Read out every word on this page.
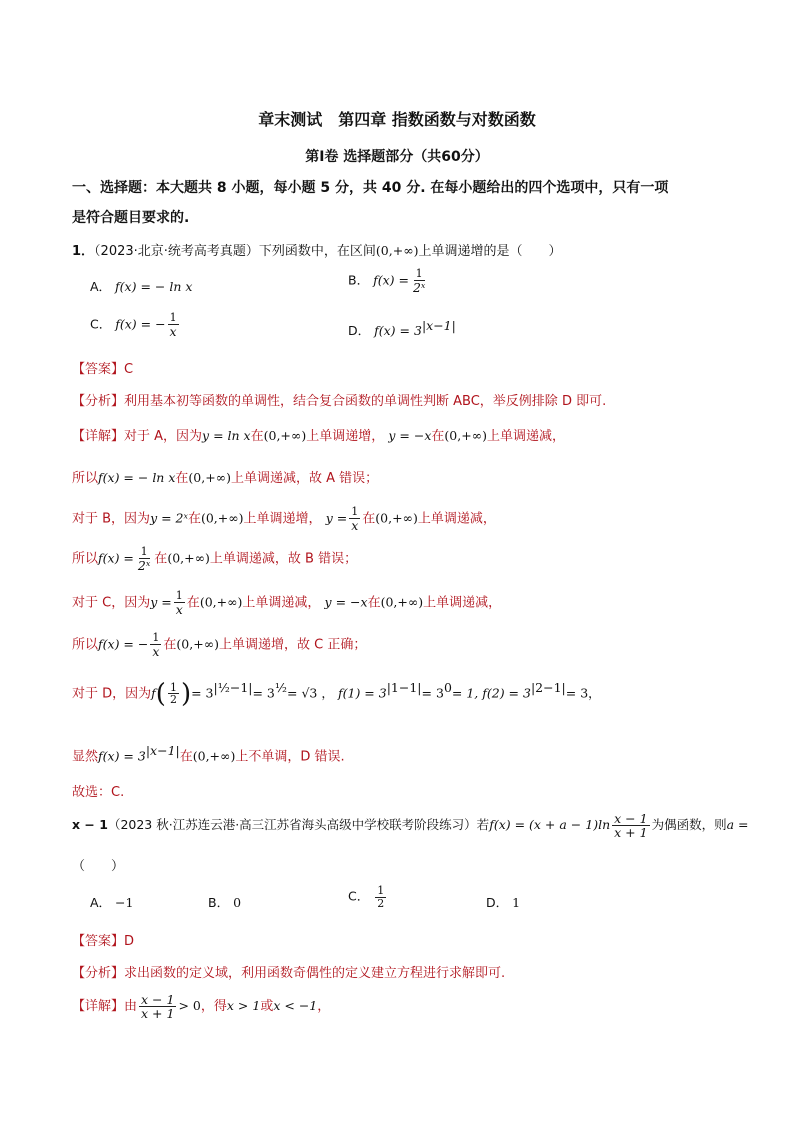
章末测试　第四章 指数函数与对数函数
第Ⅰ卷 选择题部分（共60分）
一、选择题：本大题共 8 小题，每小题 5 分，共 40 分. 在每小题给出的四个选项中，只有一项
是符合题目要求的.
1．（2023·北京·统考高考真题）下列函数中，在区间(0,+∞)上单调递增的是（　　）
A． f(x) = − ln x	B． $f(x) = \frac{1}{\text{2ˣ}}$
C． f(x) = − $\frac{1}{x}$	D． $f(x) = 3^{|x-1|}$
【答案】C
【分析】利用基本初等函数的单调性，结合复合函数的单调性判断 ABC，举反例排除 D 即可.
【详解】对于 A，因为y = ln x在(0,+∞)上单调递增， y = −x在(0,+∞)上单调递减，
所以f(x) = − ln x在(0,+∞)上单调递减，故 A 错误；
对于 B，因为y = 2ˣ在(0,+∞)上单调递增， $y = \frac{1}{x}$ 在(0,+∞)上单调递减，
所以$f(x) = \frac{1}{\text{2ˣ}}$ 在(0,+∞)上单调递减，故 B 错误；
对于 C，因为$y = \frac{1}{x}$ 在(0,+∞)上单调递减， y = −x在(0,+∞)上单调递减，
所以f(x) = − $\frac{1}{x}$ 在(0,+∞)上单调递增，故 C 正确；
对于 D，因为$f( \frac{1}{2}$ )= $3^{|\frac{1}{2}-1|}= 3^{\frac{1}{2}}= √3$ ， $f(1) = 3^{|1-1|}= 3^0= 1$, $f(2) = 3^{|2-1|}= 3$，
显然$f(x) = 3^{|x-1|}$在(0,+∞)上不单调，D 错误.
故选：C.
x − 1（2023 秋·江苏连云港·高三江苏省海头高级中学校联考阶段练习）若$f(x) = (x + a - 1)\ln \frac{x - 1}{x + 1}$ 为偶函数，则a =
（　　）
A． −1	B． 0	C． $\frac{1}{2}$	D． 1
【答案】D
【分析】求出函数的定义域，利用函数奇偶性的定义建立方程进行求解即可.
【详解】由 $\frac{x - 1}{x + 1} > 0$，得x > 1或x < −1，
